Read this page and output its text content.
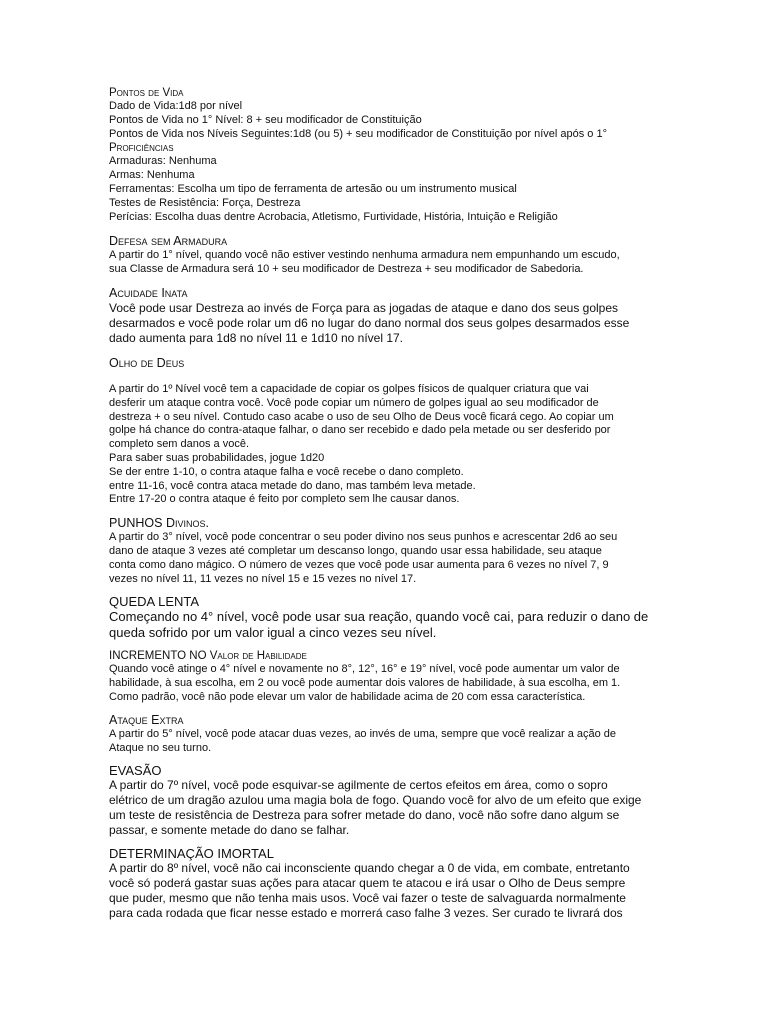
Pontos de Vida
Dado de Vida:1d8 por nível
Pontos de Vida no 1° Nível: 8 + seu modificador de Constituição
Pontos de Vida nos Níveis Seguintes:1d8 (ou 5) + seu modificador de Constituição por nível após o 1°
Proficiências
Armaduras: Nenhuma
Armas: Nenhuma
Ferramentas: Escolha um tipo de ferramenta de artesão ou um instrumento musical
Testes de Resistência: Força, Destreza
Perícias: Escolha duas dentre Acrobacia, Atletismo, Furtividade, História, Intuição e Religião
Defesa sem Armadura
A partir do 1° nível, quando você não estiver vestindo nenhuma armadura nem empunhando um escudo,
sua Classe de Armadura será 10 + seu modificador de Destreza + seu modificador de Sabedoria.
Acuidade Inata
Você pode usar Destreza ao invés de Força para as jogadas de ataque e dano dos seus golpes
desarmados e você pode rolar um d6 no lugar do dano normal dos seus golpes desarmados esse
dado aumenta para 1d8 no nível 11 e 1d10 no nível 17.
Olho de Deus
A partir do 1º Nível você tem a capacidade de copiar os golpes físicos de qualquer criatura que vai
desferir um ataque contra você. Você pode copiar um número de golpes igual ao seu modificador de
destreza + o seu nível. Contudo caso acabe o uso de seu Olho de Deus você ficará cego. Ao copiar um
golpe há chance do contra-ataque falhar, o dano ser recebido e dado pela metade ou ser desferido por
completo sem danos a você.
Para saber suas probabilidades, jogue 1d20
Se der entre 1-10, o contra ataque falha e você recebe o dano completo.
entre 11-16, você contra ataca metade do dano, mas também leva metade.
Entre 17-20 o contra ataque é feito por completo sem lhe causar danos.
PUNHOS Divinos.
A partir do 3° nível, você pode concentrar o seu poder divino nos seus punhos e acrescentar 2d6 ao seu
dano de ataque 3 vezes até completar um descanso longo, quando usar essa habilidade, seu ataque
conta como dano mágico. O número de vezes que você pode usar aumenta para 6 vezes no nível 7, 9
vezes no nível 11, 11 vezes no nível 15 e 15 vezes no nível 17.
QUEDA LENTA
Começando no 4° nível, você pode usar sua reação, quando você cai, para reduzir o dano de
queda sofrido por um valor igual a cinco vezes seu nível.
INCREMENTO NO Valor de Habilidade
Quando você atinge o 4° nível e novamente no 8°, 12°, 16° e 19° nível, você pode aumentar um valor de
habilidade, à sua escolha, em 2 ou você pode aumentar dois valores de habilidade, à sua escolha, em 1.
Como padrão, você não pode elevar um valor de habilidade acima de 20 com essa característica.
Ataque Extra
A partir do 5° nível, você pode atacar duas vezes, ao invés de uma, sempre que você realizar a ação de
Ataque no seu turno.
EVASÃO
A partir do 7º nível, você pode esquivar-se agilmente de certos efeitos em área, como o sopro
elétrico de um dragão azulou uma magia bola de fogo. Quando você for alvo de um efeito que exige
um teste de resistência de Destreza para sofrer metade do dano, você não sofre dano algum se
passar, e somente metade do dano se falhar.
DETERMINAÇÃO IMORTAL
A partir do 8º nível, você não cai inconsciente quando chegar a 0 de vida, em combate, entretanto
você só poderá gastar suas ações para atacar quem te atacou e irá usar o Olho de Deus sempre
que puder, mesmo que não tenha mais usos. Você vai fazer o teste de salvaguarda normalmente
para cada rodada que ficar nesse estado e morrerá caso falhe 3 vezes. Ser curado te livrará dos
